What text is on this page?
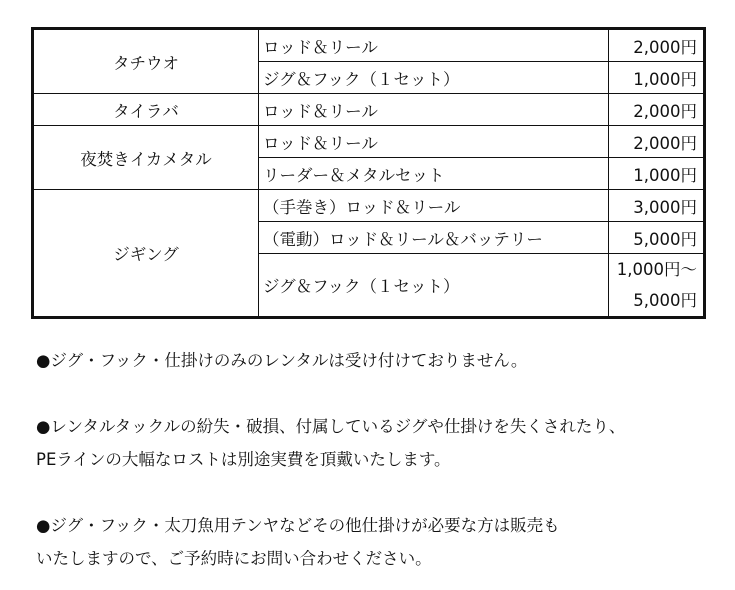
タチウオ	ロッド＆リール	2,000円
	ジグ＆フック（１セット）	1,000円
タイラバ	ロッド＆リール	2,000円
夜焚きイカメタル	ロッド＆リール	2,000円
	リーダー＆メタルセット	1,000円
ジギング	（手巻き）ロッド＆リール	3,000円
	（電動）ロッド＆リール＆バッテリー	5,000円
	ジグ＆フック（１セット）	1,000円〜
5,000円

●ジグ・フック・仕掛けのみのレンタルは受け付けておりません。

●レンタルタックルの紛失・破損、付属しているジグや仕掛けを失くされたり、

PEラインの大幅なロストは別途実費を頂戴いたします。

●ジグ・フック・太刀魚用テンヤなどその他仕掛けが必要な方は販売も

いたしますので、ご予約時にお問い合わせください。
